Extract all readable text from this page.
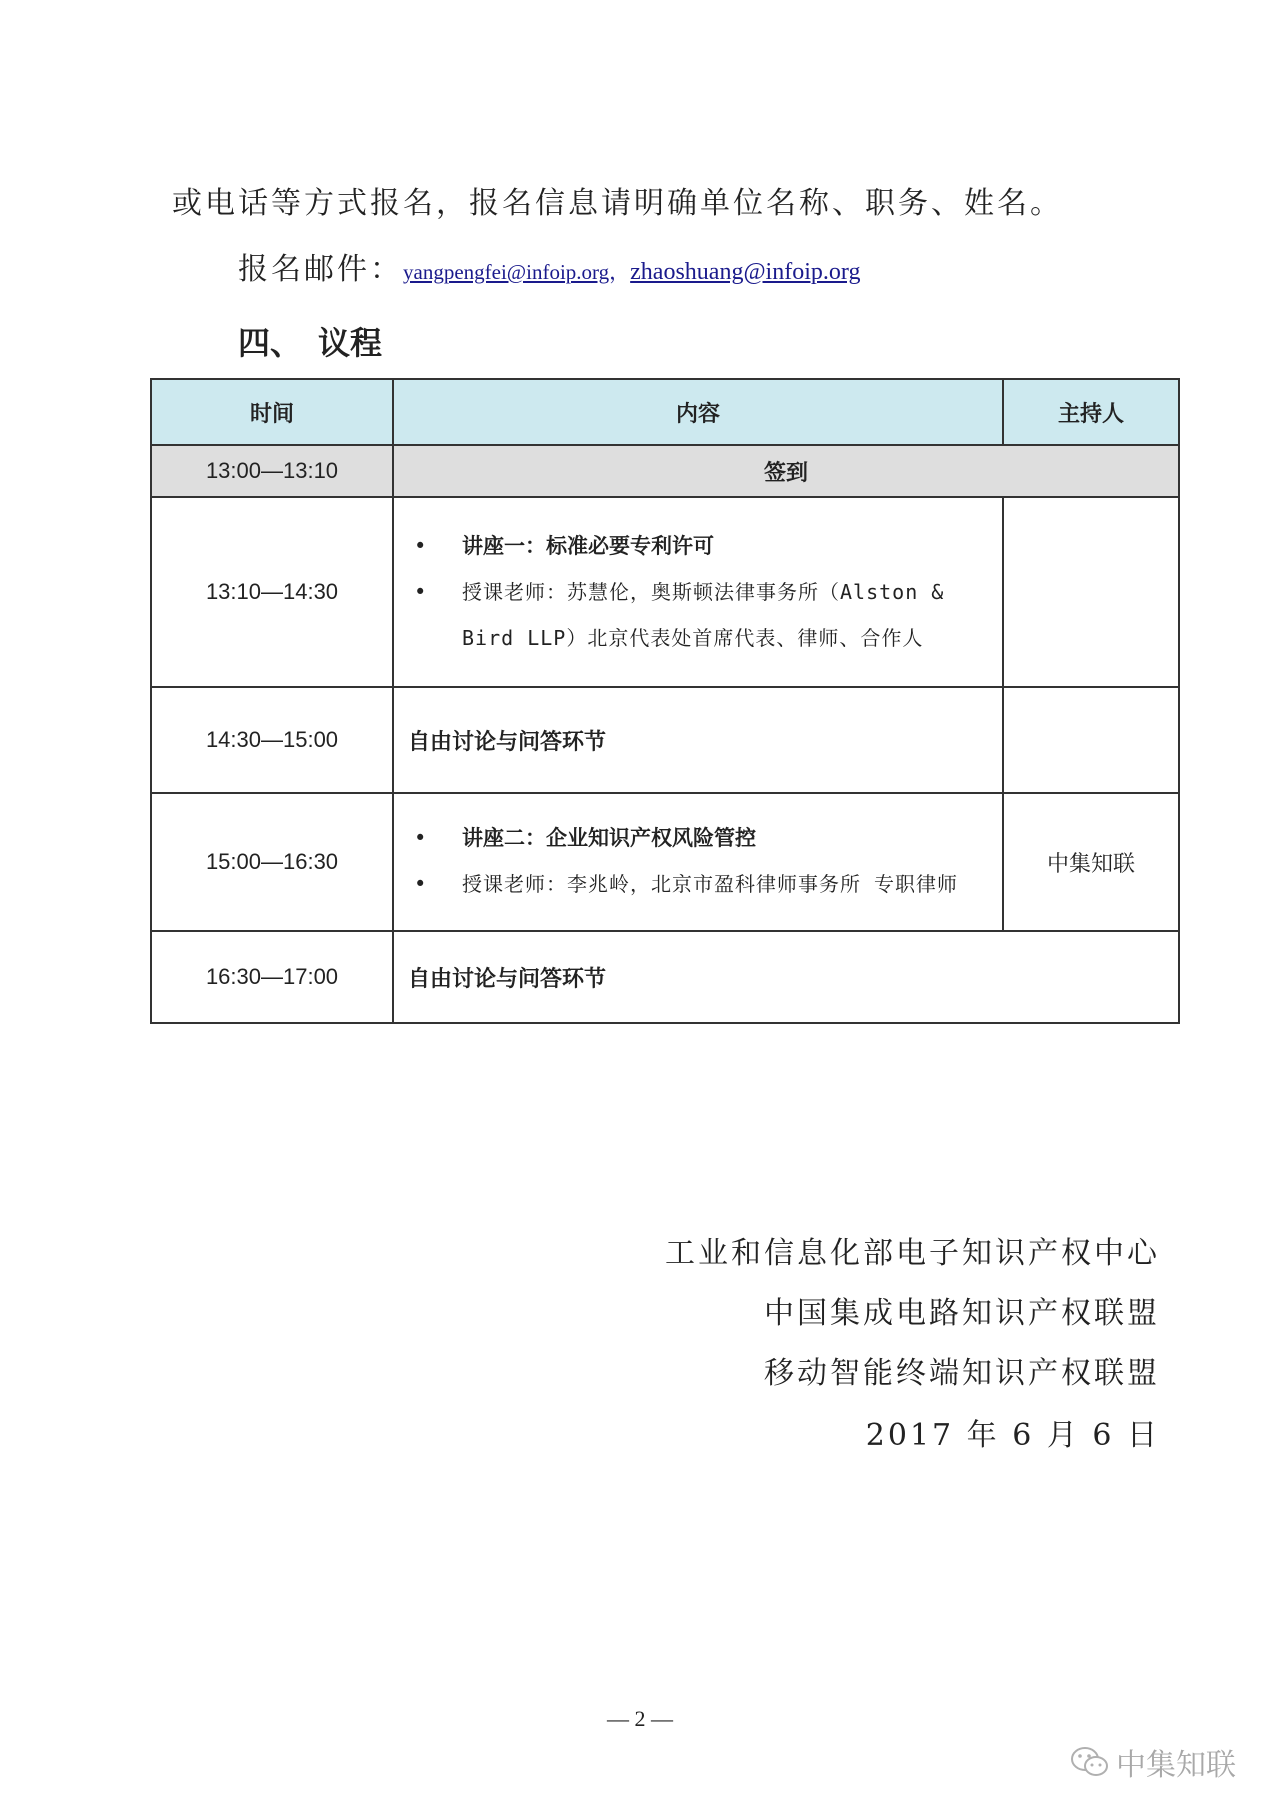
或电话等方式报名，报名信息请明确单位名称、职务、姓名。
报名邮件：yangpengfei@infoip.org，zhaoshuang@infoip.org
四、 议程
时间	内容	主持人
13:00—13:10	签到	
13:10—14:30	• 讲座一：标准必要专利许可
• 授课老师：苏慧伦，奥斯顿法律事务所（Alston & Bird LLP）北京代表处首席代表、律师、合作人	

14:30—15:00	自由讨论与问答环节	
15:00—16:30	• 讲座二：企业知识产权风险管控
• 授课老师：李兆岭，北京市盈科律师事务所 专职律师	中集知联
16:30—17:00	自由讨论与问答环节	
工业和信息化部电子知识产权中心
中国集成电路知识产权联盟
移动智能终端知识产权联盟
2017 年 6 月 6 日
— 2 —
中集知联
